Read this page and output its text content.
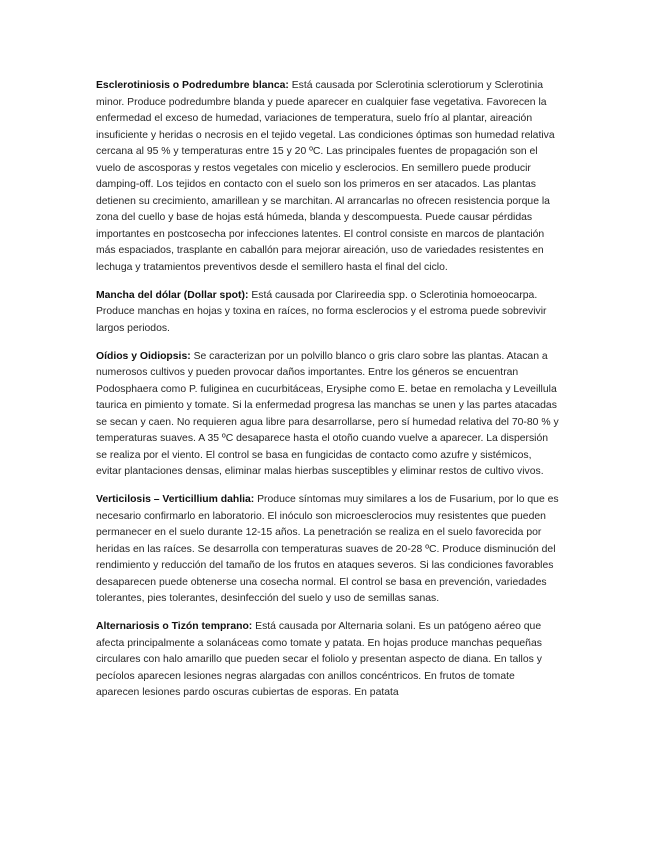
Esclerotiniosis o Podredumbre blanca: Está causada por Sclerotinia sclerotiorum y Sclerotinia minor. Produce podredumbre blanda y puede aparecer en cualquier fase vegetativa. Favorecen la enfermedad el exceso de humedad, variaciones de temperatura, suelo frío al plantar, aireación insuficiente y heridas o necrosis en el tejido vegetal. Las condiciones óptimas son humedad relativa cercana al 95 % y temperaturas entre 15 y 20 ºC. Las principales fuentes de propagación son el vuelo de ascosporas y restos vegetales con micelio y esclerocios. En semillero puede producir damping-off. Los tejidos en contacto con el suelo son los primeros en ser atacados. Las plantas detienen su crecimiento, amarillean y se marchitan. Al arrancarlas no ofrecen resistencia porque la zona del cuello y base de hojas está húmeda, blanda y descompuesta. Puede causar pérdidas importantes en postcosecha por infecciones latentes. El control consiste en marcos de plantación más espaciados, trasplante en caballón para mejorar aireación, uso de variedades resistentes en lechuga y tratamientos preventivos desde el semillero hasta el final del ciclo.

Mancha del dólar (Dollar spot): Está causada por Clarireedia spp. o Sclerotinia homoeocarpa. Produce manchas en hojas y toxina en raíces, no forma esclerocios y el estroma puede sobrevivir largos periodos.

Oídios y Oidiopsis: Se caracterizan por un polvillo blanco o gris claro sobre las plantas. Atacan a numerosos cultivos y pueden provocar daños importantes. Entre los géneros se encuentran Podosphaera como P. fuliginea en cucurbitáceas, Erysiphe como E. betae en remolacha y Leveillula taurica en pimiento y tomate. Si la enfermedad progresa las manchas se unen y las partes atacadas se secan y caen. No requieren agua libre para desarrollarse, pero sí humedad relativa del 70-80 % y temperaturas suaves. A 35 ºC desaparece hasta el otoño cuando vuelve a aparecer. La dispersión se realiza por el viento. El control se basa en fungicidas de contacto como azufre y sistémicos, evitar plantaciones densas, eliminar malas hierbas susceptibles y eliminar restos de cultivo vivos.

Verticilosis – Verticillium dahlia: Produce síntomas muy similares a los de Fusarium, por lo que es necesario confirmarlo en laboratorio. El inóculo son microesclerocios muy resistentes que pueden permanecer en el suelo durante 12-15 años. La penetración se realiza en el suelo favorecida por heridas en las raíces. Se desarrolla con temperaturas suaves de 20-28 ºC. Produce disminución del rendimiento y reducción del tamaño de los frutos en ataques severos. Si las condiciones favorables desaparecen puede obtenerse una cosecha normal. El control se basa en prevención, variedades tolerantes, pies tolerantes, desinfección del suelo y uso de semillas sanas.

Alternariosis o Tizón temprano: Está causada por Alternaria solani. Es un patógeno aéreo que afecta principalmente a solanáceas como tomate y patata. En hojas produce manchas pequeñas circulares con halo amarillo que pueden secar el foliolo y presentan aspecto de diana. En tallos y pecíolos aparecen lesiones negras alargadas con anillos concéntricos. En frutos de tomate aparecen lesiones pardo oscuras cubiertas de esporas. En patata
